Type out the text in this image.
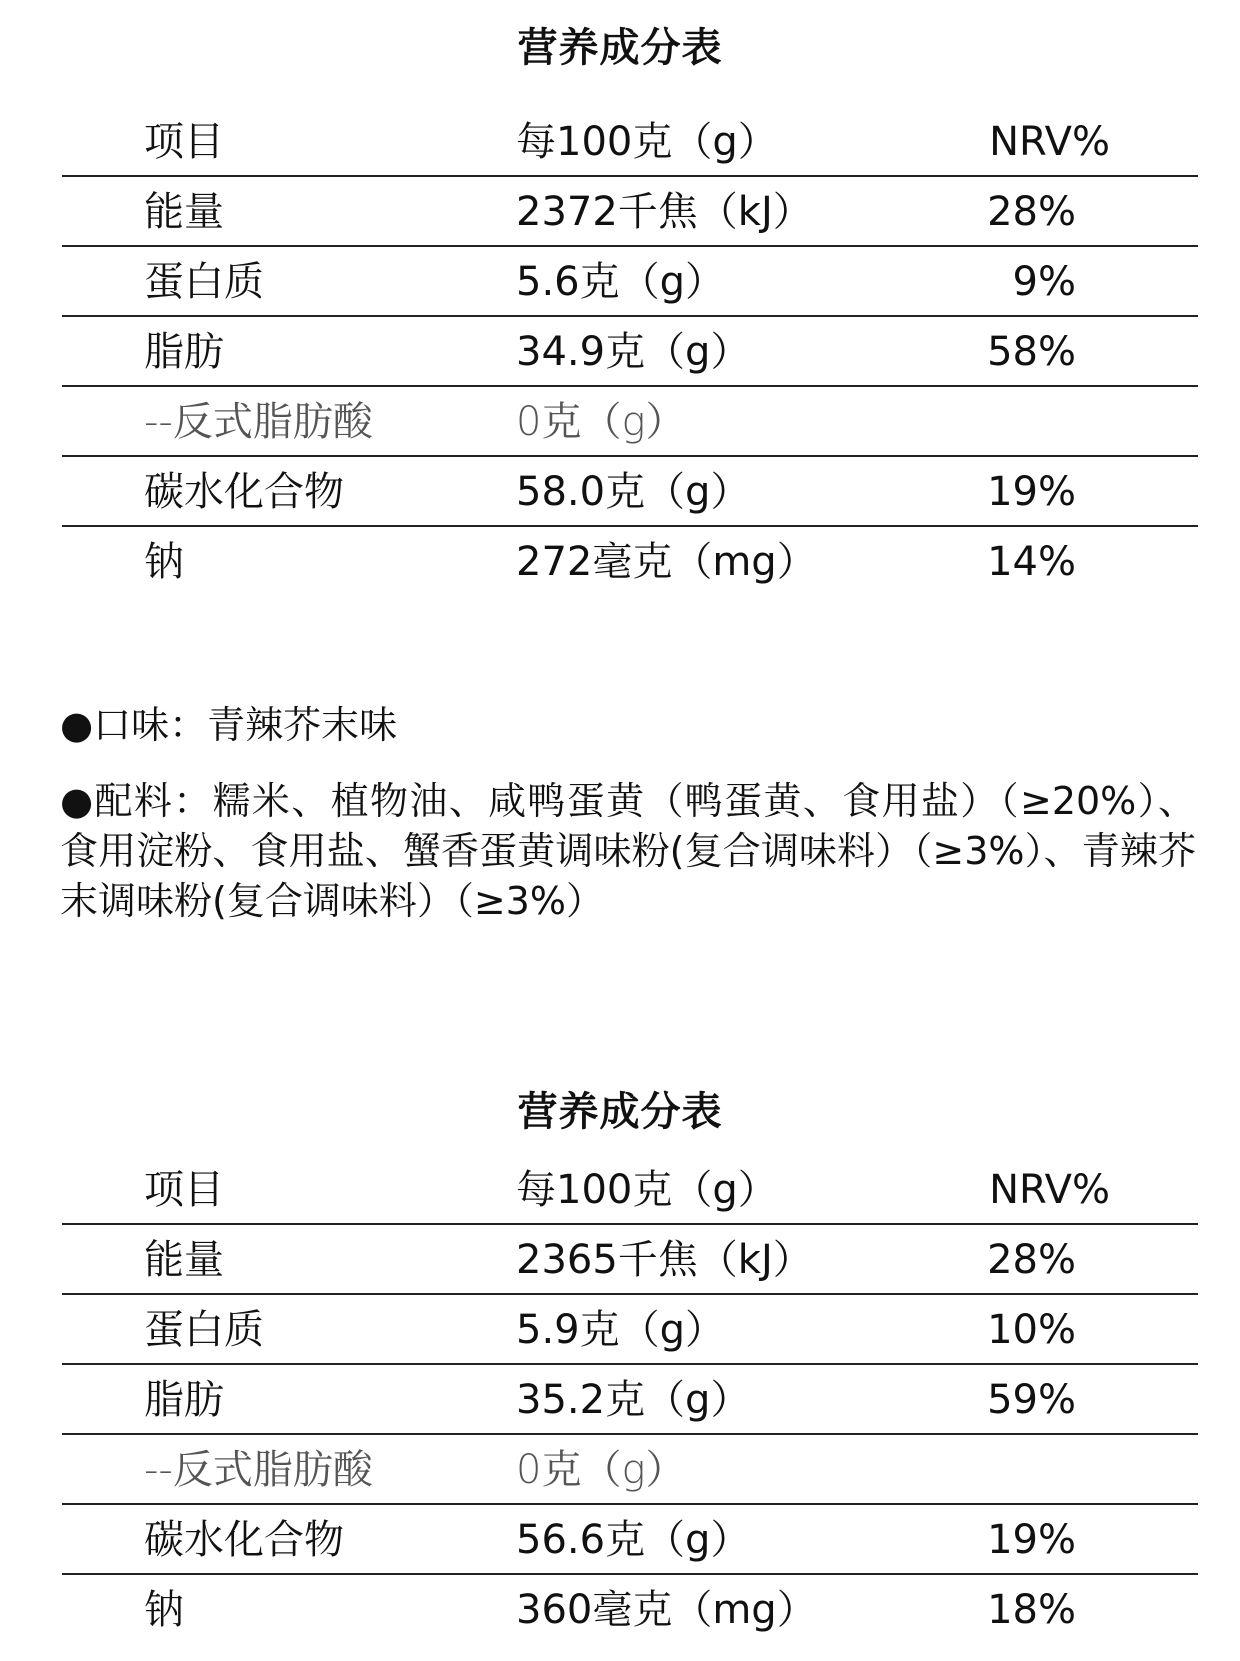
营养成分表
项目	每100克（g）	NRV%
能量	2372千焦（kJ）	28%
蛋白质	5.6克（g）	9%
脂肪	34.9克（g）	58%
--反式脂肪酸	0克（g）
碳水化合物	58.0克（g）	19%
钠	272毫克（mg）	14%
●口味：青辣芥末味
●配料：糯米、植物油、咸鸭蛋黄（鸭蛋黄、食用盐）（≥20%）、食用淀粉、食用盐、蟹香蛋黄调味粉(复合调味料）（≥3%）、青辣芥末调味粉(复合调味料）（≥3%）
营养成分表
项目	每100克（g）	NRV%
能量	2365千焦（kJ）	28%
蛋白质	5.9克（g）	10%
脂肪	35.2克（g）	59%
--反式脂肪酸	0克（g）
碳水化合物	56.6克（g）	19%
钠	360毫克（mg）	18%
